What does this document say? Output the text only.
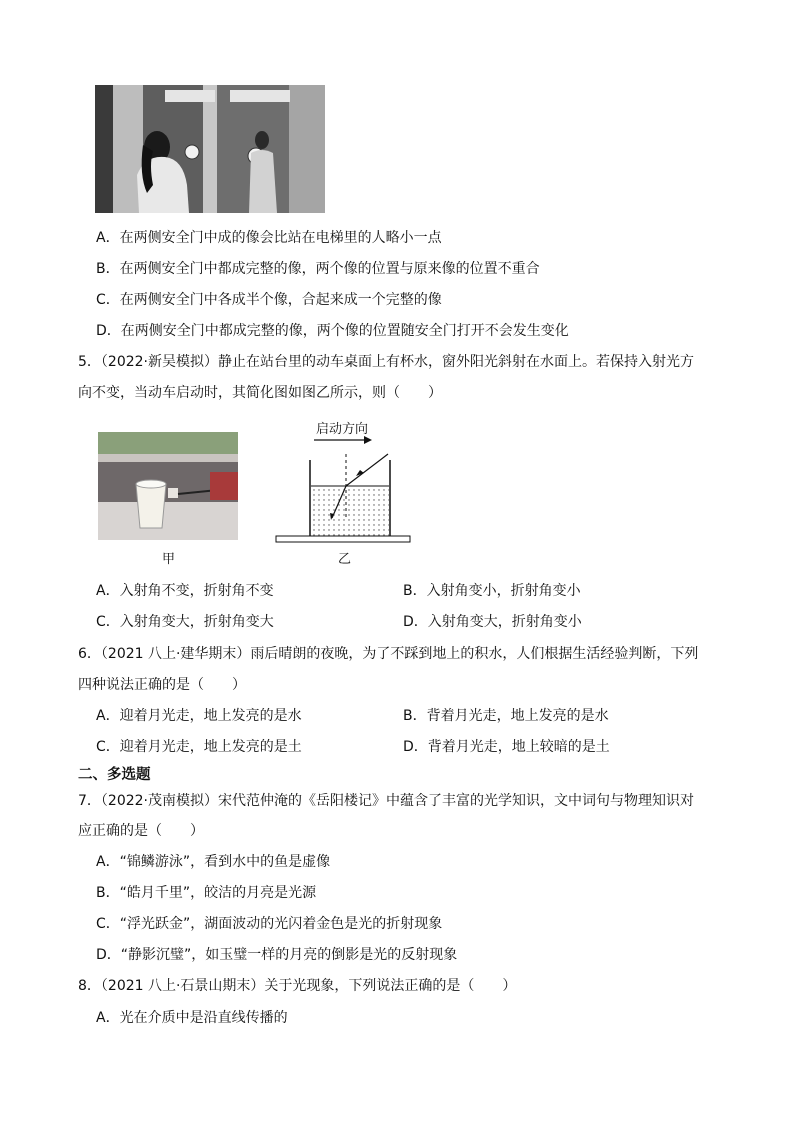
A．在两侧安全门中成的像会比站在电梯里的人略小一点
B．在两侧安全门中都成完整的像，两个像的位置与原来像的位置不重合
C．在两侧安全门中各成半个像，合起来成一个完整的像
D．在两侧安全门中都成完整的像，两个像的位置随安全门打开不会发生变化
5．（2022·新吴模拟）静止在站台里的动车桌面上有杯水，窗外阳光斜射在水面上。若保持入射光方
向不变，当动车启动时，其简化图如图乙所示，则（　　）
甲
启动方向
乙
A．入射角不变，折射角不变	B．入射角变小，折射角变小
C．入射角变大，折射角变大	D．入射角变大，折射角变小
6．（2021 八上·建华期末）雨后晴朗的夜晚，为了不踩到地上的积水，人们根据生活经验判断，下列
四种说法正确的是（　　）
A．迎着月光走，地上发亮的是水	B．背着月光走，地上发亮的是水
C．迎着月光走，地上发亮的是土	D．背着月光走，地上较暗的是土
二、多选题
7．（2022·茂南模拟）宋代范仲淹的《岳阳楼记》中蕴含了丰富的光学知识，文中词句与物理知识对
应正确的是（　　）
A．“锦鳞游泳”，看到水中的鱼是虚像
B．“皓月千里”，皎洁的月亮是光源
C．“浮光跃金”，湖面波动的光闪着金色是光的折射现象
D．“静影沉璧”，如玉璧一样的月亮的倒影是光的反射现象
8．（2021 八上·石景山期末）关于光现象，下列说法正确的是（　　）
A．光在介质中是沿直线传播的
